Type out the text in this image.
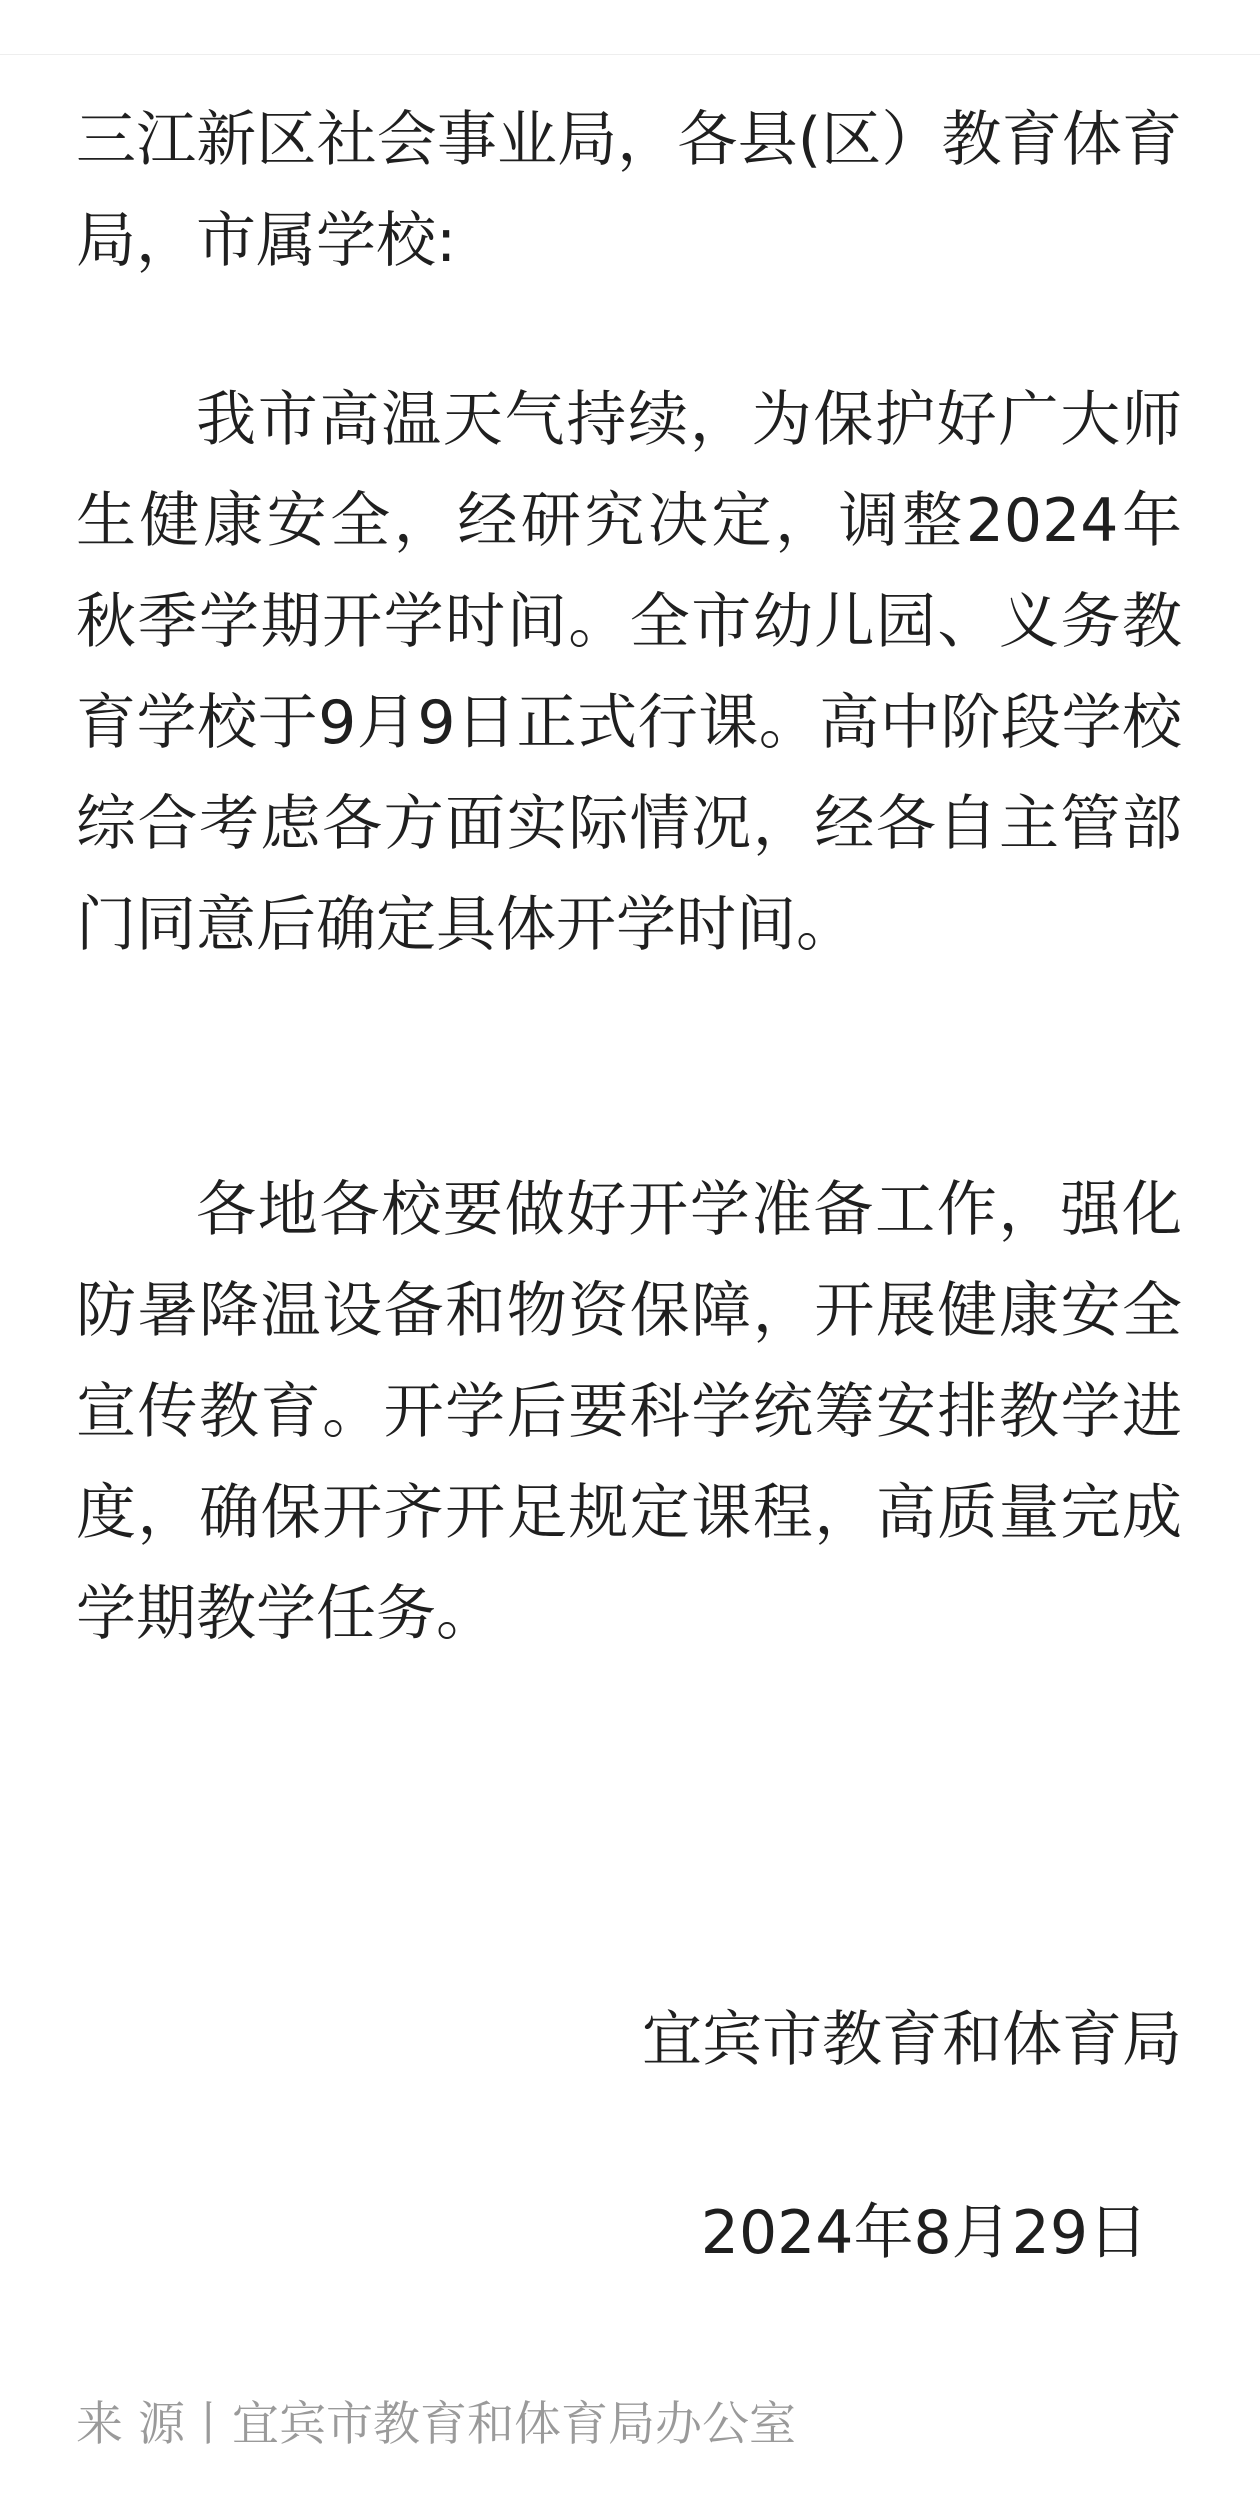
三江新区社会事业局，各县(区）教育体育局，市属学校:
我市高温天气持续，为保护好广大师生健康安全，经研究决定，调整2024年秋季学期开学时间。全市幼儿园、义务教育学校于9月9日正式行课。高中阶段学校综合考虑各方面实际情况，经各自主管部门同意后确定具体开学时间。
各地各校要做好开学准备工作，强化防暑降温设备和物资保障，开展健康安全宣传教育。开学后要科学统筹安排教学进度，确保开齐开足规定课程，高质量完成学期教学任务。
宜宾市教育和体育局
2024年8月29日
来 源丨宜宾市教育和体育局办公室
